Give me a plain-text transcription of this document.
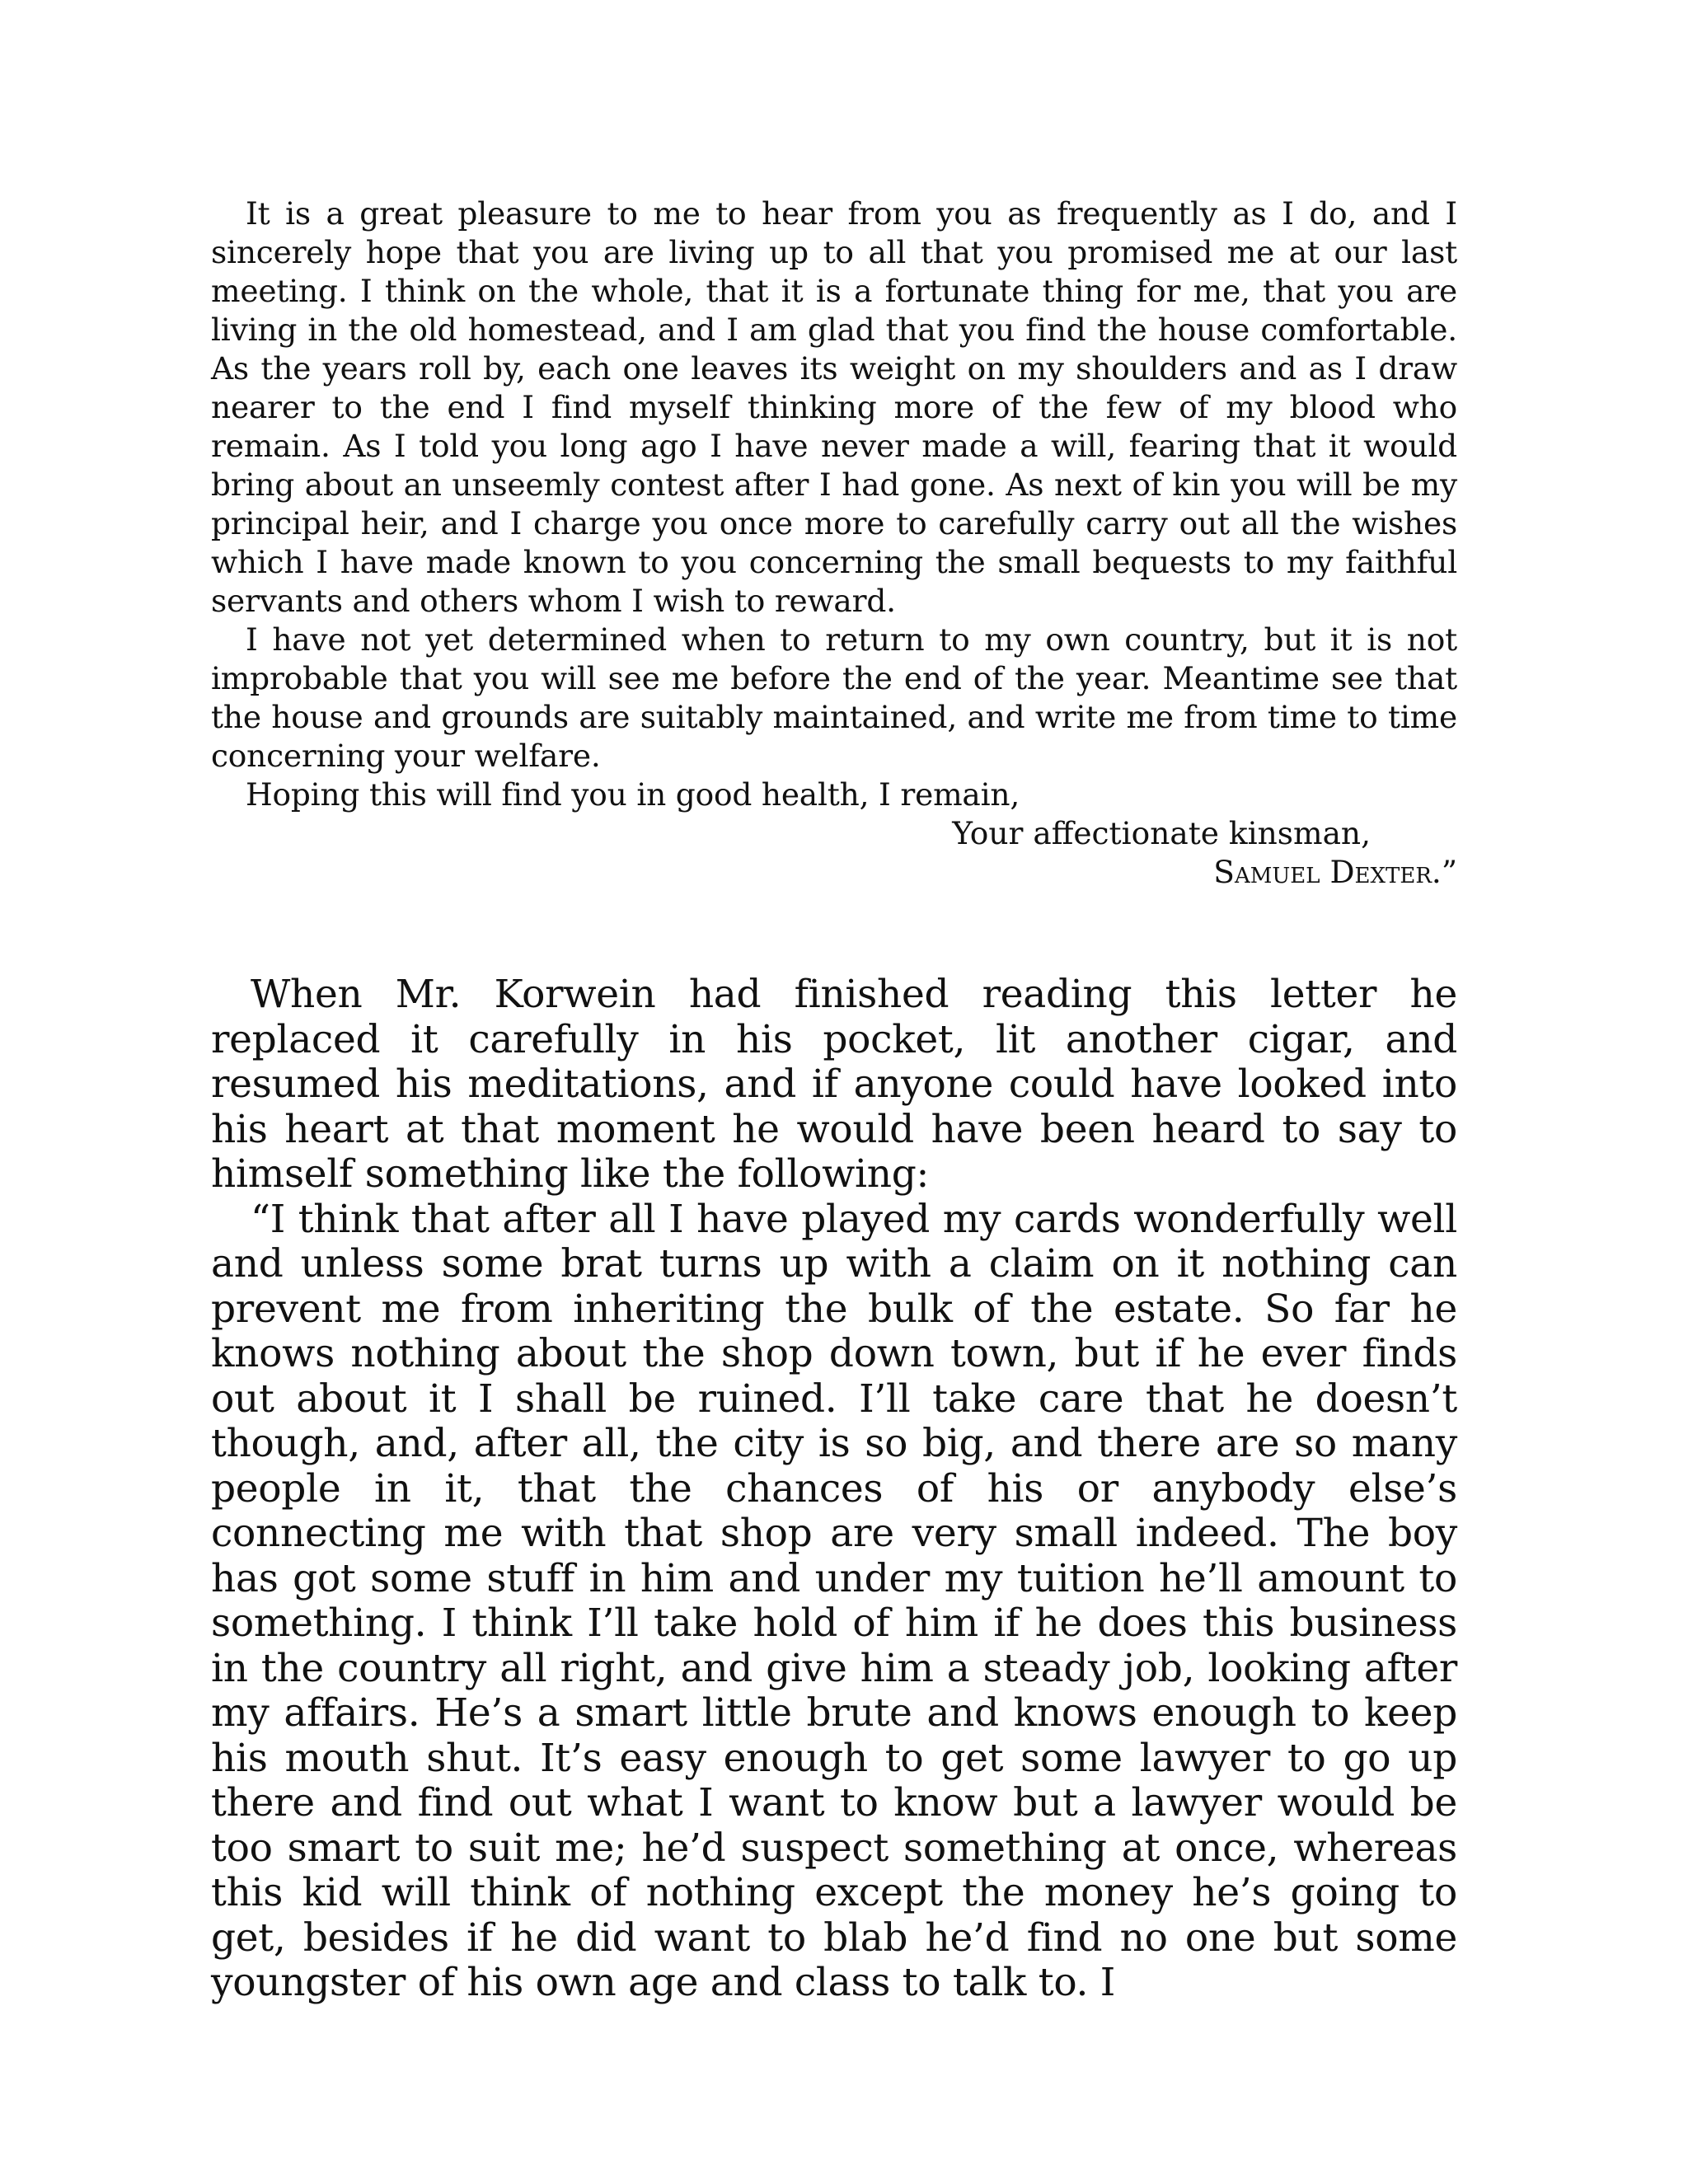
It is a great pleasure to me to hear from you as frequently as I do, and I sincerely hope that you are living up to all that you promised me at our last meeting. I think on the whole, that it is a fortunate thing for me, that you are living in the old homestead, and I am glad that you find the house comfortable. As the years roll by, each one leaves its weight on my shoulders and as I draw nearer to the end I find myself thinking more of the few of my blood who remain. As I told you long ago I have never made a will, fearing that it would bring about an unseemly contest after I had gone. As next of kin you will be my principal heir, and I charge you once more to carefully carry out all the wishes which I have made known to you concerning the small bequests to my faithful servants and others whom I wish to reward.

I have not yet determined when to return to my own country, but it is not improbable that you will see me before the end of the year. Meantime see that the house and grounds are suitably maintained, and write me from time to time concerning your welfare.

Hoping this will find you in good health, I remain,

Your affectionate kinsman,
Samuel Dexter.”

When Mr. Korwein had finished reading this letter he replaced it carefully in his pocket, lit another cigar, and resumed his meditations, and if anyone could have looked into his heart at that moment he would have been heard to say to himself something like the following:

“I think that after all I have played my cards wonderfully well and unless some brat turns up with a claim on it nothing can prevent me from inheriting the bulk of the estate. So far he knows nothing about the shop down town, but if he ever finds out about it I shall be ruined. I’ll take care that he doesn’t though, and, after all, the city is so big, and there are so many people in it, that the chances of his or anybody else’s connecting me with that shop are very small indeed. The boy has got some stuff in him and under my tuition he’ll amount to something. I think I’ll take hold of him if he does this business in the country all right, and give him a steady job, looking after my affairs. He’s a smart little brute and knows enough to keep his mouth shut. It’s easy enough to get some lawyer to go up there and find out what I want to know but a lawyer would be too smart to suit me; he’d suspect something at once, whereas this kid will think of nothing except the money he’s going to get, besides if he did want to blab he’d find no one but some youngster of his own age and class to talk to. I
